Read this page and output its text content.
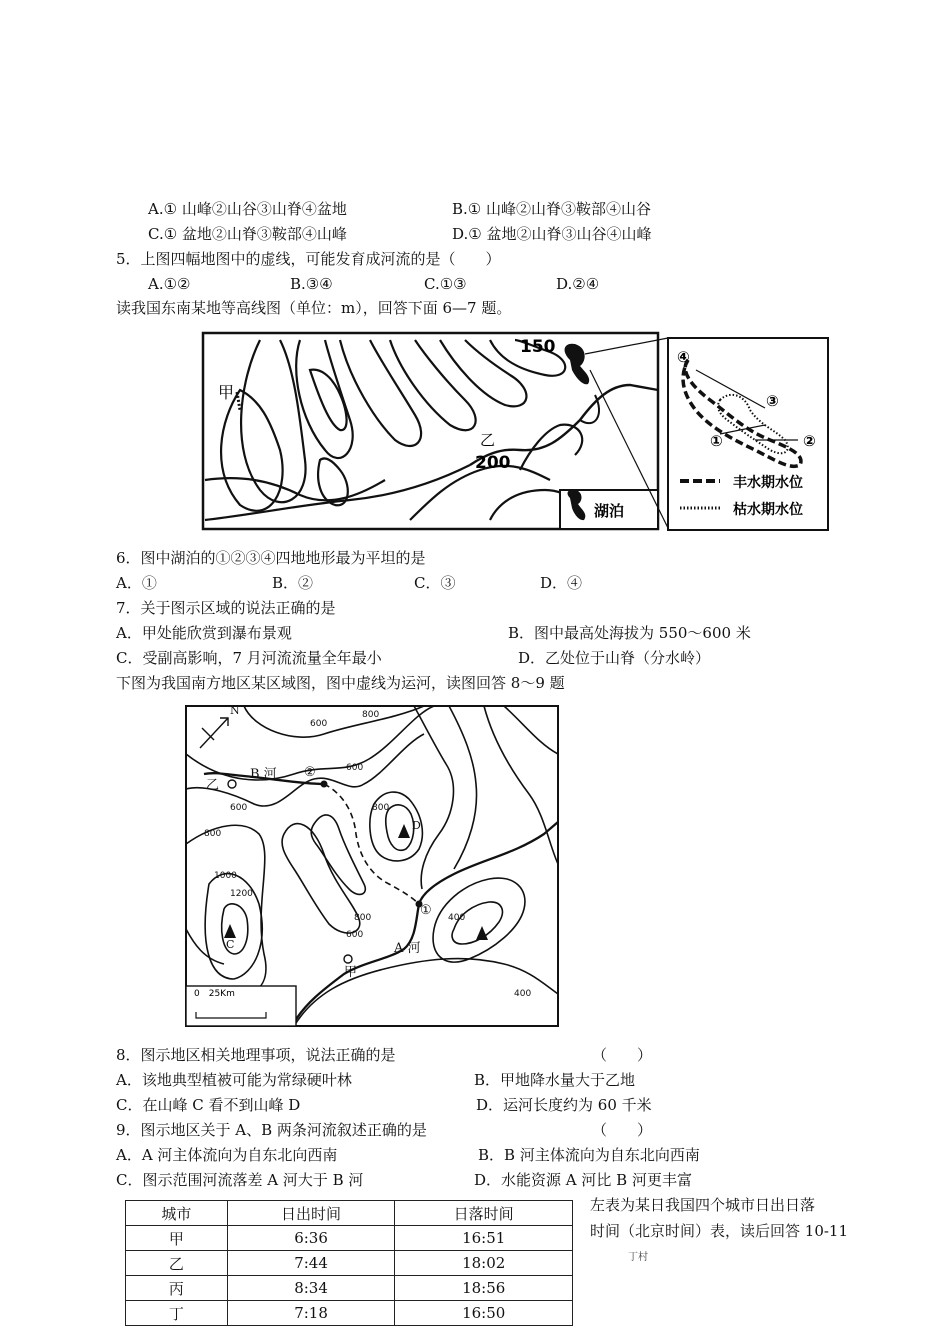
A.① 山峰②山谷③山脊④盆地	B.① 山峰②山脊③鞍部④山谷
C.① 盆地②山脊③鞍部④山峰	D.① 盆地②山脊③山谷④山峰
5．上图四幅地图中的虚线，可能发育成河流的是（　　）
A.①②	B.③④	C.①③	D.②④
读我国东南某地等高线图（单位：m），回答下面 6—7 题。
150
200
甲
乙
湖泊
④
③
①	②
丰水期水位
枯水期水位
6．图中湖泊的①②③④四地地形最为平坦的是
A．①	B．②	C．③	D．④
7．关于图示区域的说法正确的是
A．甲处能欣赏到瀑布景观	B．图中最高处海拔为 550～600 米
C．受副高影响，7 月河流流量全年最小	D．乙处位于山脊（分水岭）
下图为我国南方地区某区域图，图中虚线为运河，读图回答 8～9 题
600
800
600
800
600
800
1000
1200
800
600
400
400
N
B 河
A 河
乙
甲
②
①
D
C
0　25Km
8．图示地区相关地理事项，说法正确的是	（　　）
A．该地典型植被可能为常绿硬叶林	B．甲地降水量大于乙地
C．在山峰 C 看不到山峰 D	D．运河长度约为 60 千米
9．图示地区关于 A、B 两条河流叙述正确的是	（　　）
A．A 河主体流向为自东北向西南	B．B 河主体流向为自东北向西南
C．图示范围河流落差 A 河大于 B 河	D．水能资源 A 河比 B 河更丰富
城市	日出时间	日落时间
甲	6:36	16:51
乙	7:44	18:02
丙	8:34	18:56
丁	7:18	16:50
左表为某日我国四个城市日出日落
时间（北京时间）表，读后回答 10-11
丁村
